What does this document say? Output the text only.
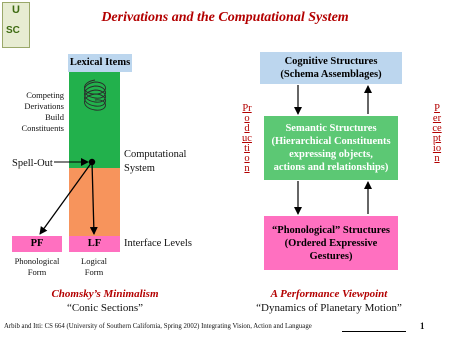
Derivations and the Computational System
U
SC
Lexical Items
Competing
Derivations
Build
Constituents
Spell-Out
Computational
System
PF	LF	Interface Levels
Phonological
Form
Logical
Form
Cognitive Structures
(Schema Assemblages)
Semantic Structures
(Hierarchical Constituents
expressing objects,
actions and relationships)
“Phonological” Structures
(Ordered Expressive
Gestures)
Production
Perception
Chomsky’s Minimalism
“Conic Sections”
A Performance Viewpoint
“Dynamics of Planetary Motion”
Arbib and Itti: CS 664 (University of Southern California, Spring 2002) Integrating Vision, Action and Language	1
